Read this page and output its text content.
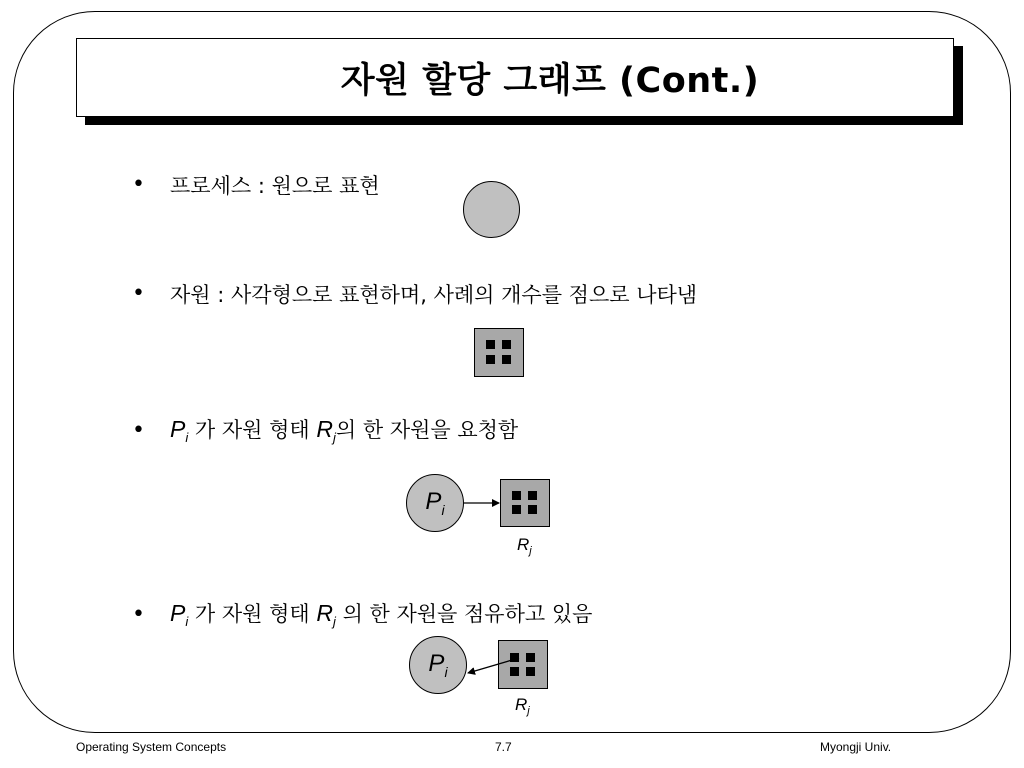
자원 할당 그래프 (Cont.)
• 프로세스 : 원으로 표현
• 자원 : 사각형으로 표현하며, 사례의 개수를 점으로 나타냄
• $P_i$ 가 자원 형태 $R_j$의 한 자원을 요청함
$P_i$
$R_j$
• $P_i$ 가 자원 형태 $R_j$ 의 한 자원을 점유하고 있음
$P_i$
$R_j$
Operating System Concepts	7.7	Myongji Univ.
